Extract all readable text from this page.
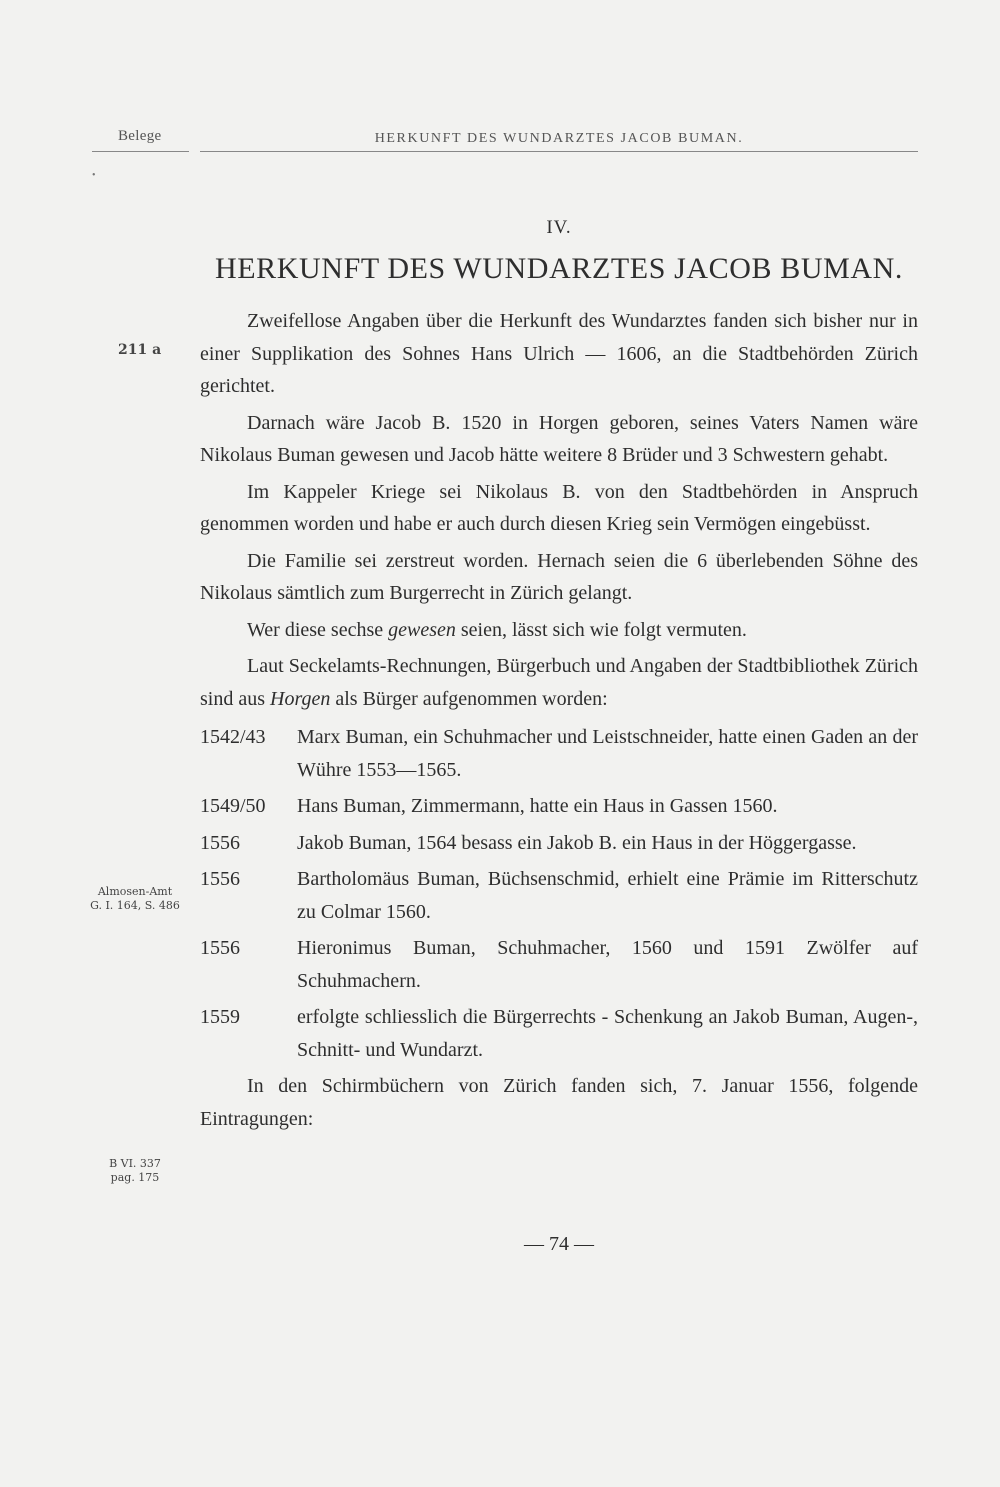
Belege	HERKUNFT DES WUNDARZTES JACOB BUMAN.
•
IV.
HERKUNFT DES WUNDARZTES JACOB BUMAN.
211 a
Almosen-Amt
G. I. 164, S. 486
B VI. 337
pag. 175

Zweifellose Angaben über die Herkunft des Wundarztes fanden sich bisher nur in einer Supplikation des Sohnes Hans Ulrich — 1606, an die Stadtbehörden Zürich gerichtet.

Darnach wäre Jacob B. 1520 in Horgen geboren, seines Vaters Namen wäre Nikolaus Buman gewesen und Jacob hätte weitere 8 Brüder und 3 Schwestern gehabt.

Im Kappeler Kriege sei Nikolaus B. von den Stadtbehörden in Anspruch genommen worden und habe er auch durch diesen Krieg sein Vermögen eingebüsst.

Die Familie sei zerstreut worden. Hernach seien die 6 überlebenden Söhne des Nikolaus sämtlich zum Burgerrecht in Zürich gelangt.

Wer diese sechse gewesen seien, lässt sich wie folgt vermuten.

Laut Seckelamts-Rechnungen, Bürgerbuch und Angaben der Stadtbibliothek Zürich sind aus Horgen als Bürger aufgenommen worden:

1542/43	Marx Buman, ein Schuhmacher und Leistschneider, hatte einen Gaden an der Wühre 1553—1565.
1549/50	Hans Buman, Zimmermann, hatte ein Haus in Gassen 1560.
1556	Jakob Buman, 1564 besass ein Jakob B. ein Haus in der Höggergasse.
1556	Bartholomäus Buman, Büchsenschmid, erhielt eine Prämie im Ritterschutz zu Colmar 1560.
1556	Hieronimus Buman, Schuhmacher, 1560 und 1591 Zwölfer auf Schuhmachern.
1559	erfolgte schliesslich die Bürgerrechts - Schenkung an Jakob Buman, Augen-, Schnitt- und Wundarzt.

In den Schirmbüchern von Zürich fanden sich, 7. Januar 1556, folgende Eintragungen:

— 74 —
